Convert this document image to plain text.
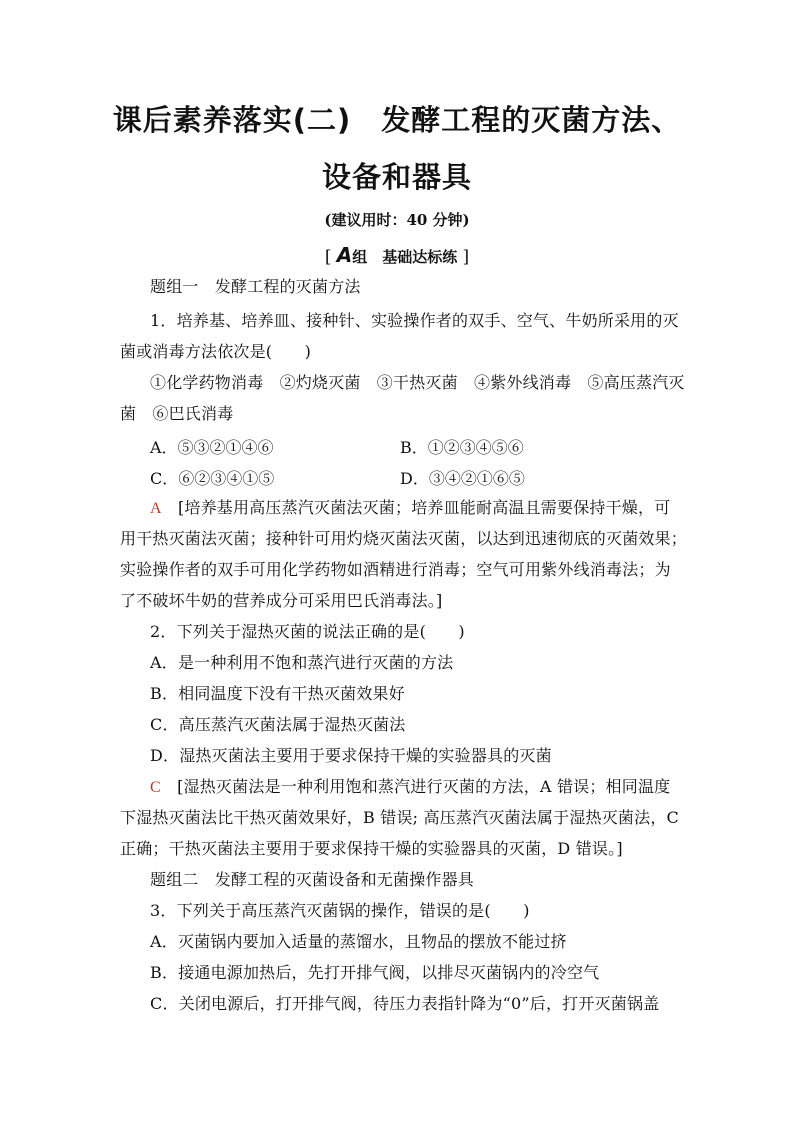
课后素养落实(二)　发酵工程的灭菌方法、
设备和器具
(建议用时：40 分钟)
[ A组　基础达标练 ]
题组一　发酵工程的灭菌方法
1．培养基、培养皿、接种针、实验操作者的双手、空气、牛奶所采用的灭
菌或消毒方法依次是(　　)
①化学药物消毒　②灼烧灭菌　③干热灭菌　④紫外线消毒　⑤高压蒸汽灭
菌　⑥巴氏消毒
A．⑤③②①④⑥	B．①②③④⑤⑥
C．⑥②③④①⑤	D．③④②①⑥⑤
A　 [培养基用高压蒸汽灭菌法灭菌；培养皿能耐高温且需要保持干燥，可
用干热灭菌法灭菌；接种针可用灼烧灭菌法灭菌，以达到迅速彻底的灭菌效果；
实验操作者的双手可用化学药物如酒精进行消毒；空气可用紫外线消毒法；为
了不破坏牛奶的营养成分可采用巴氏消毒法。]
2．下列关于湿热灭菌的说法正确的是(　　)
A．是一种利用不饱和蒸汽进行灭菌的方法
B．相同温度下没有干热灭菌效果好
C．高压蒸汽灭菌法属于湿热灭菌法
D．湿热灭菌法主要用于要求保持干燥的实验器具的灭菌
C　 [湿热灭菌法是一种利用饱和蒸汽进行灭菌的方法，A 错误；相同温度
下湿热灭菌法比干热灭菌效果好，B 错误; 高压蒸汽灭菌法属于湿热灭菌法，C
正确；干热灭菌法主要用于要求保持干燥的实验器具的灭菌，D 错误。]
题组二　发酵工程的灭菌设备和无菌操作器具
3．下列关于高压蒸汽灭菌锅的操作，错误的是(　　)
A．灭菌锅内要加入适量的蒸馏水，且物品的摆放不能过挤
B．接通电源加热后，先打开排气阀，以排尽灭菌锅内的冷空气
C．关闭电源后，打开排气阀，待压力表指针降为“0”后，打开灭菌锅盖
